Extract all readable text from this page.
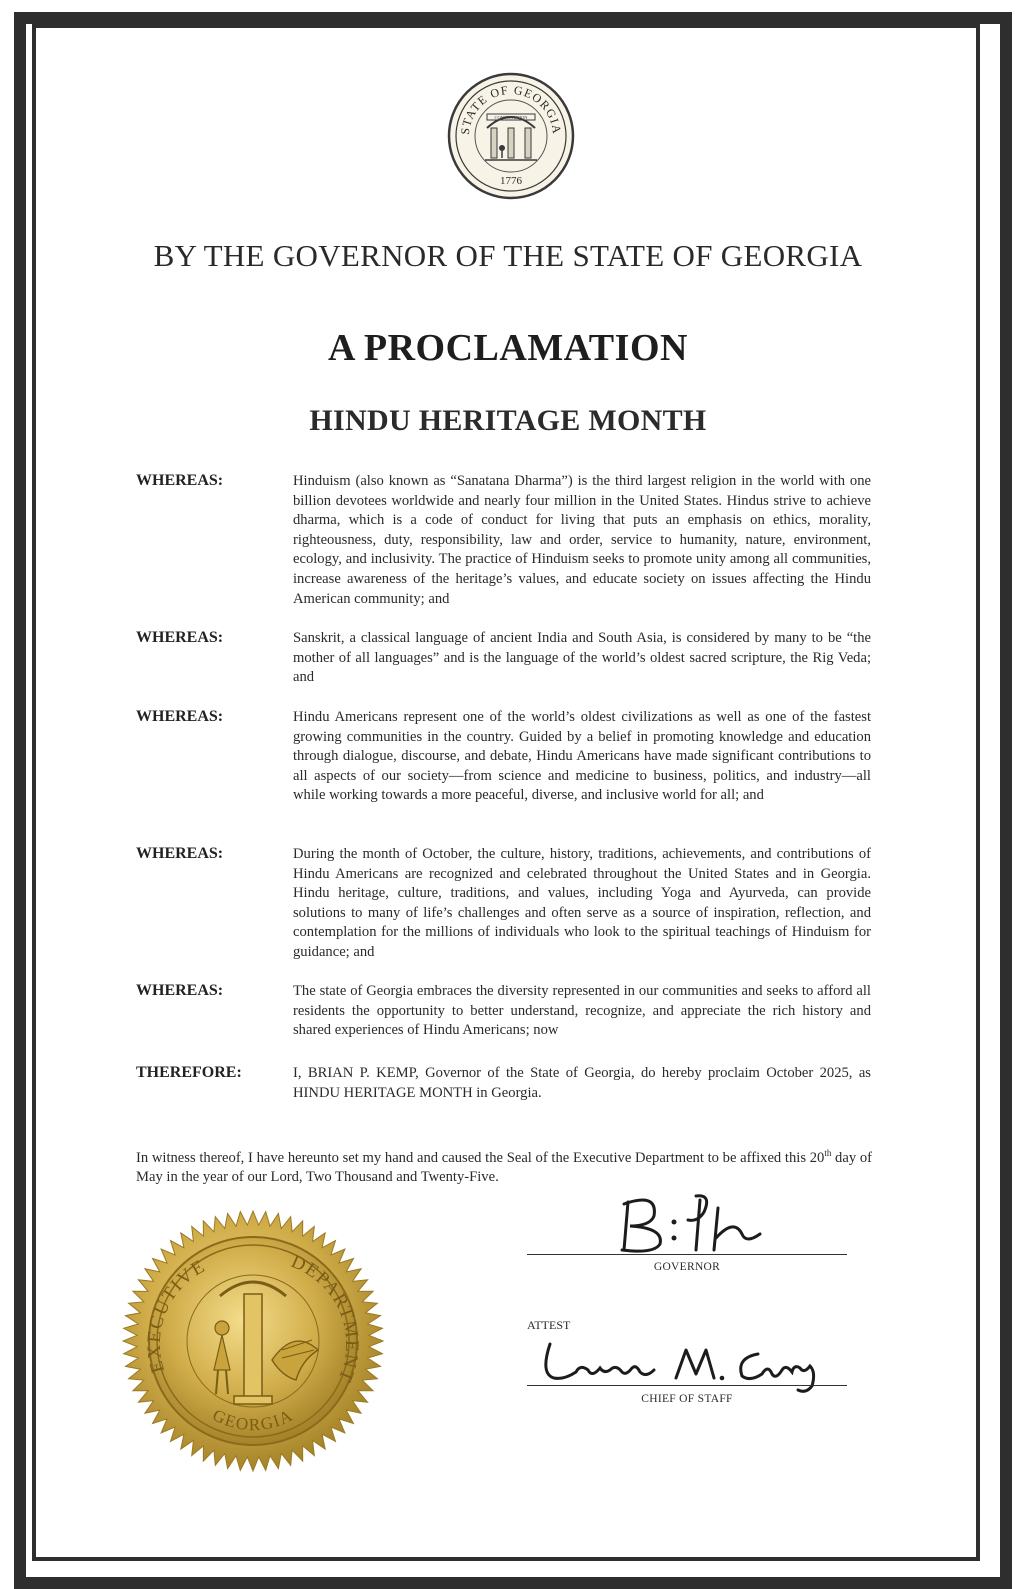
STATE OF GEORGIA
CONSTITUTION
1776
BY THE GOVERNOR OF THE STATE OF GEORGIA
A PROCLAMATION
HINDU HERITAGE MONTH
WHEREAS:	Hinduism (also known as “Sanatana Dharma”) is the third largest religion in the world with one billion devotees worldwide and nearly four million in the United States. Hindus strive to achieve dharma, which is a code of conduct for living that puts an emphasis on ethics, morality, righteousness, duty, responsibility, law and order, service to humanity, nature, environment, ecology, and inclusivity. The practice of Hinduism seeks to promote unity among all communities, increase awareness of the heritage’s values, and educate society on issues affecting the Hindu American community; and
WHEREAS:	Sanskrit, a classical language of ancient India and South Asia, is considered by many to be “the mother of all languages” and is the language of the world’s oldest sacred scripture, the Rig Veda; and
WHEREAS:	Hindu Americans represent one of the world’s oldest civilizations as well as one of the fastest growing communities in the country. Guided by a belief in promoting knowledge and education through dialogue, discourse, and debate, Hindu Americans have made significant contributions to all aspects of our society—from science and medicine to business, politics, and industry—all while working towards a more peaceful, diverse, and inclusive world for all; and
WHEREAS:	During the month of October, the culture, history, traditions, achievements, and contributions of Hindu Americans are recognized and celebrated throughout the United States and in Georgia. Hindu heritage, culture, traditions, and values, including Yoga and Ayurveda, can provide solutions to many of life’s challenges and often serve as a source of inspiration, reflection, and contemplation for the millions of individuals who look to the spiritual teachings of Hinduism for guidance; and
WHEREAS:	The state of Georgia embraces the diversity represented in our communities and seeks to afford all residents the opportunity to better understand, recognize, and appreciate the rich history and shared experiences of Hindu Americans; now
THEREFORE:	I, BRIAN P. KEMP, Governor of the State of Georgia, do hereby proclaim October 2025, as HINDU HERITAGE MONTH in Georgia.
In witness thereof, I have hereunto set my hand and caused the Seal of the Executive Department to be affixed this 20th day of May in the year of our Lord, Two Thousand and Twenty-Five.
EXECUTIVE	DEPARTMENT
GEORGIA
B:P.K
GOVERNOR
ATTEST
Lauren M. Curry
CHIEF OF STAFF
